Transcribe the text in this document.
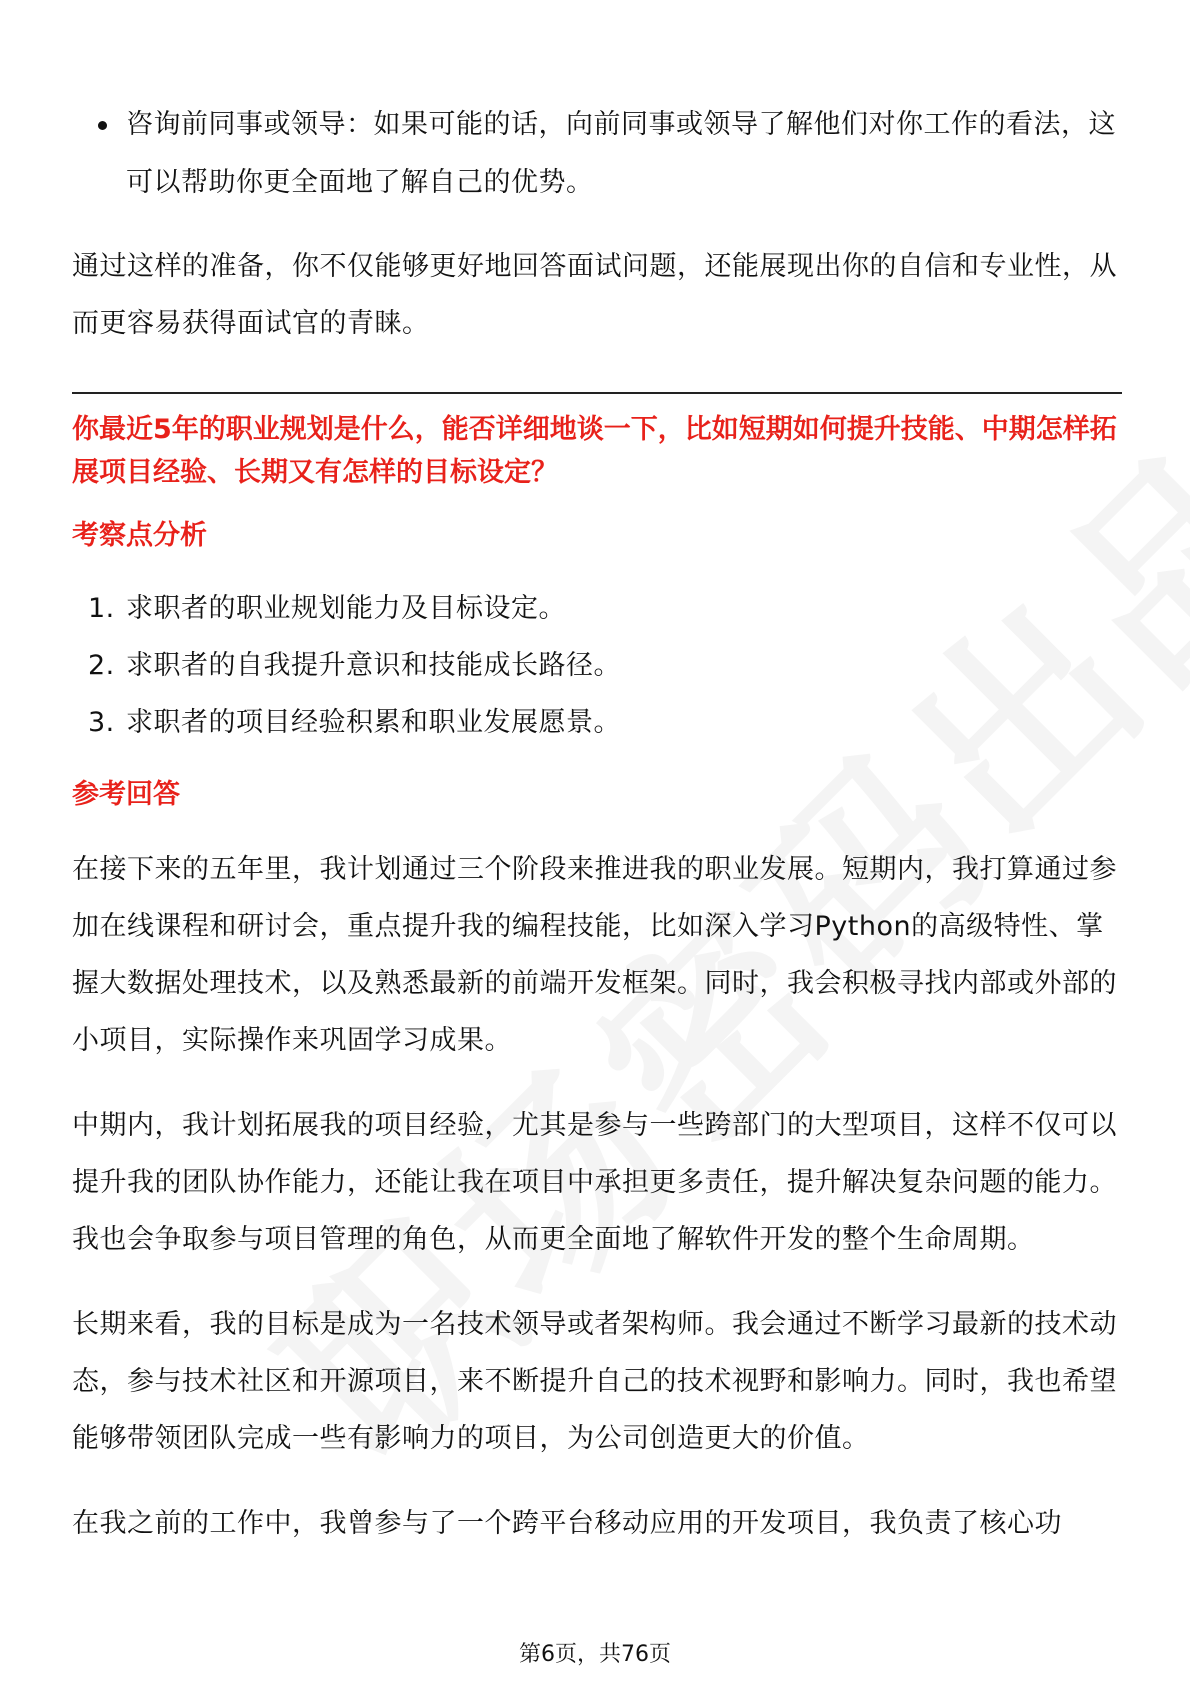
咨询前同事或领导：如果可能的话，向前同事或领导了解他们对你工作的看法，这可以帮助你更全面地了解自己的优势。

通过这样的准备，你不仅能够更好地回答面试问题，还能展现出你的自信和专业性，从而更容易获得面试官的青睐。

你最近5年的职业规划是什么，能否详细地谈一下，比如短期如何提升技能、中期怎样拓展项目经验、长期又有怎样的目标设定？

考察点分析

1. 求职者的职业规划能力及目标设定。
2. 求职者的自我提升意识和技能成长路径。
3. 求职者的项目经验积累和职业发展愿景。

参考回答

在接下来的五年里，我计划通过三个阶段来推进我的职业发展。短期内，我打算通过参加在线课程和研讨会，重点提升我的编程技能，比如深入学习Python的高级特性、掌握大数据处理技术，以及熟悉最新的前端开发框架。同时，我会积极寻找内部或外部的小项目，实际操作来巩固学习成果。

中期内，我计划拓展我的项目经验，尤其是参与一些跨部门的大型项目，这样不仅可以提升我的团队协作能力，还能让我在项目中承担更多责任，提升解决复杂问题的能力。我也会争取参与项目管理的角色，从而更全面地了解软件开发的整个生命周期。

长期来看，我的目标是成为一名技术领导或者架构师。我会通过不断学习最新的技术动态，参与技术社区和开源项目，来不断提升自己的技术视野和影响力。同时，我也希望能够带领团队完成一些有影响力的项目，为公司创造更大的价值。

在我之前的工作中，我曾参与了一个跨平台移动应用的开发项目，我负责了核心功

第6页，共76页
